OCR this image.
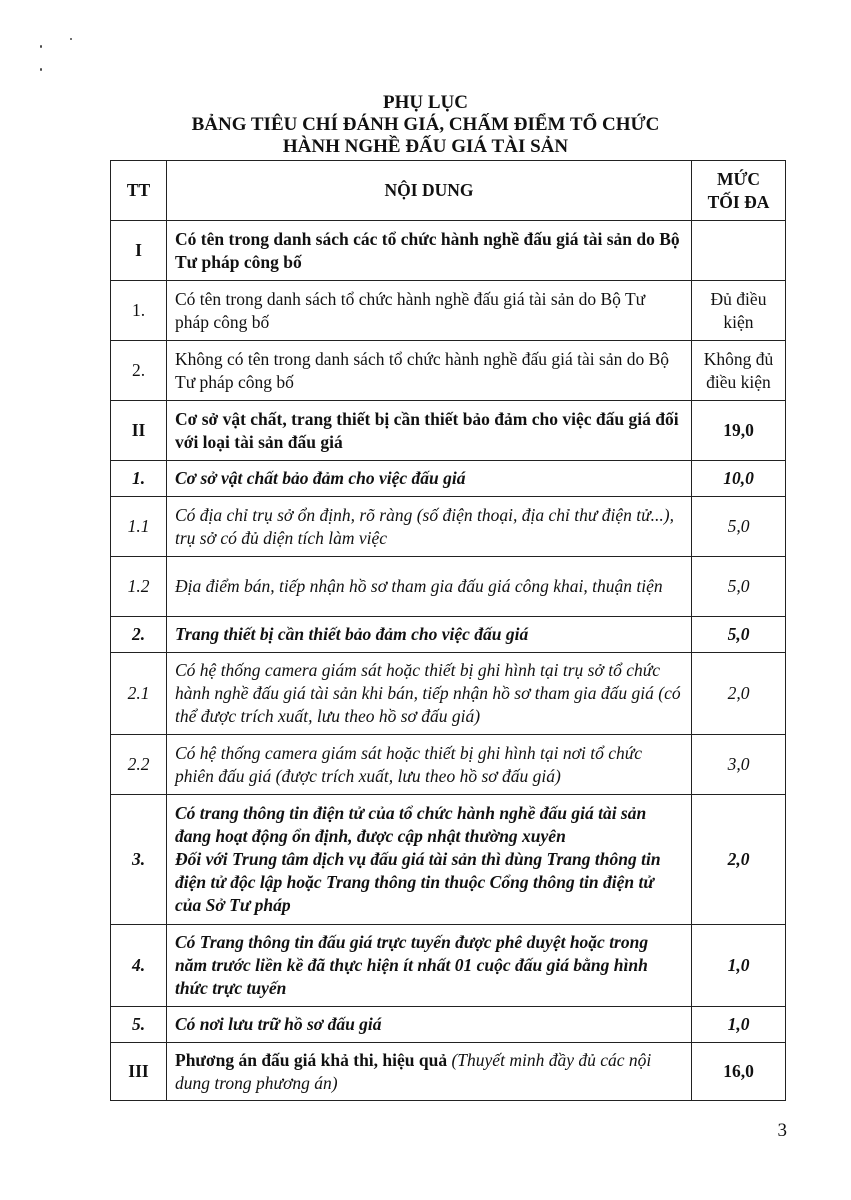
PHỤ LỤC
BẢNG TIÊU CHÍ ĐÁNH GIÁ, CHẤM ĐIỂM TỔ CHỨC
HÀNH NGHỀ ĐẤU GIÁ TÀI SẢN
TT	NỘI DUNG	MỨC
TỐI ĐA

I	Có tên trong danh sách các tổ chức hành nghề đấu giá tài sản do Bộ Tư pháp công bố	
1.	Có tên trong danh sách tổ chức hành nghề đấu giá tài sản do Bộ Tư pháp công bố	Đủ điều kiện
2.	Không có tên trong danh sách tổ chức hành nghề đấu giá tài sản do Bộ Tư pháp công bố	Không đủ điều kiện
II	Cơ sở vật chất, trang thiết bị cần thiết bảo đảm cho việc đấu giá đối với loại tài sản đấu giá	19,0
1.	Cơ sở vật chất bảo đảm cho việc đấu giá	10,0
1.1	Có địa chỉ trụ sở ổn định, rõ ràng (số điện thoại, địa chỉ thư điện tử...), trụ sở có đủ diện tích làm việc	5,0
1.2	Địa điểm bán, tiếp nhận hồ sơ tham gia đấu giá công khai, thuận tiện	5,0
2.	Trang thiết bị cần thiết bảo đảm cho việc đấu giá	5,0
2.1	Có hệ thống camera giám sát hoặc thiết bị ghi hình tại trụ sở tổ chức hành nghề đấu giá tài sản khi bán, tiếp nhận hồ sơ tham gia đấu giá (có thể được trích xuất, lưu theo hồ sơ đấu giá)	2,0
2.2	Có hệ thống camera giám sát hoặc thiết bị ghi hình tại nơi tổ chức phiên đấu giá (được trích xuất, lưu theo hồ sơ đấu giá)	3,0
3.	Có trang thông tin điện tử của tổ chức hành nghề đấu giá tài sản đang hoạt động ổn định, được cập nhật thường xuyên

Đối với Trung tâm dịch vụ đấu giá tài sản thì dùng Trang thông tin điện tử độc lập hoặc Trang thông tin thuộc Cổng thông tin điện tử của Sở Tư pháp	2,0
4.	Có Trang thông tin đấu giá trực tuyến được phê duyệt hoặc trong năm trước liền kề đã thực hiện ít nhất 01 cuộc đấu giá bằng hình thức trực tuyến	1,0
5.	Có nơi lưu trữ hồ sơ đấu giá	1,0
III	Phương án đấu giá khả thi, hiệu quả (Thuyết minh đầy đủ các nội dung trong phương án)	16,0
3
